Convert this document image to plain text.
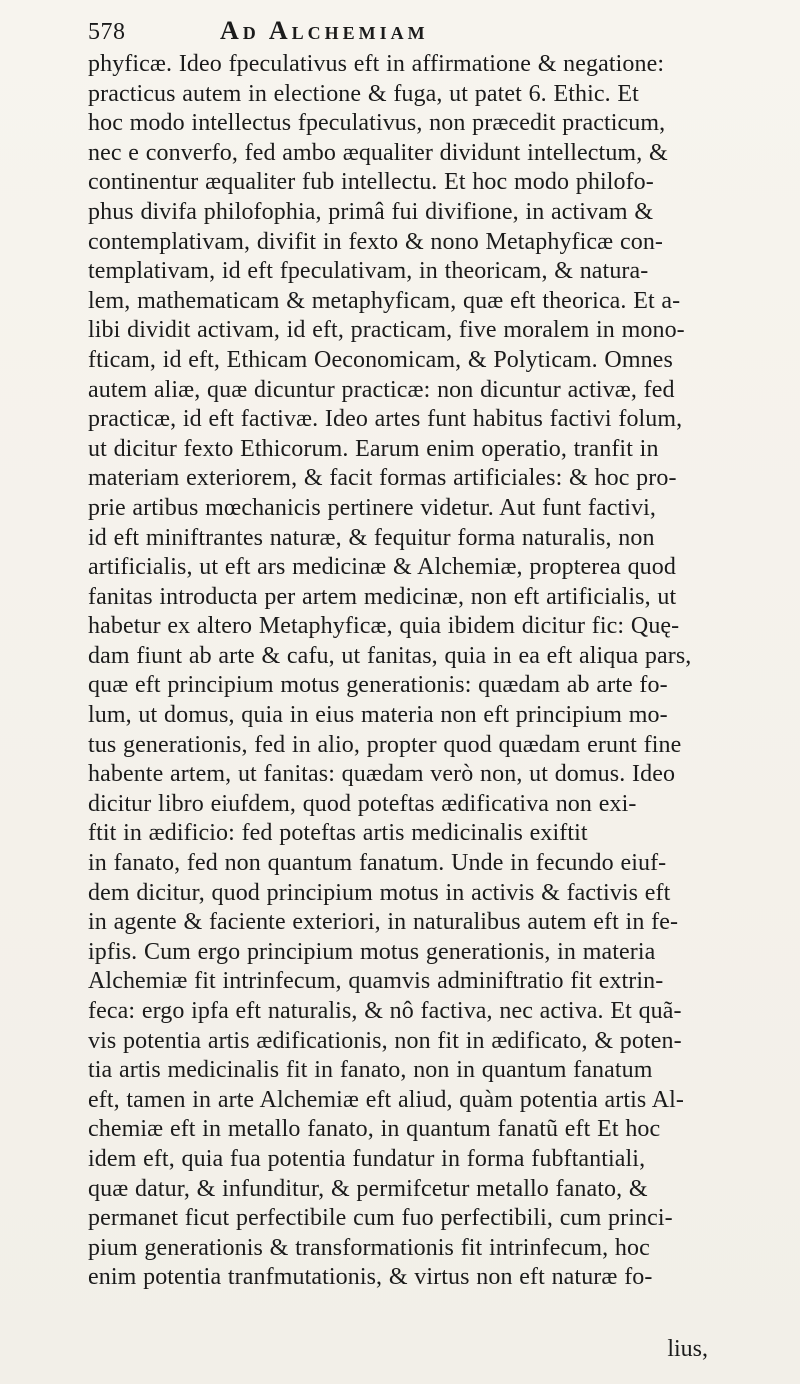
578	Ad Alchemiam
phyficæ. Ideo fpeculativus eft in affirmatione & negatione:
practicus autem in electione & fuga, ut patet 6. Ethic. Et
hoc modo intellectus fpeculativus, non præcedit practicum,
nec e converfo, fed ambo æqualiter dividunt intellectum, &
continentur æqualiter fub intellectu. Et hoc modo philofo-
phus divifa philofophia, primâ fui divifione, in activam &
contemplativam, divifit in fexto & nono Metaphyficæ con-
templativam, id eft fpeculativam, in theoricam, & natura-
lem, mathematicam & metaphyficam, quæ eft theorica. Et a-
libi dividit activam, id eft, practicam, five moralem in mono-
fticam, id eft, Ethicam Oeconomicam, & Polyticam. Omnes
autem aliæ, quæ dicuntur practicæ: non dicuntur activæ, fed
practicæ, id eft factivæ. Ideo artes funt habitus factivi folum,
ut dicitur fexto Ethicorum. Earum enim operatio, tranfit in
materiam exteriorem, & facit formas artificiales: & hoc pro-
prie artibus mœchanicis pertinere videtur. Aut funt factivi,
id eft miniftrantes naturæ, & fequitur forma naturalis, non
artificialis, ut eft ars medicinæ & Alchemiæ, propterea quod
fanitas introducta per artem medicinæ, non eft artificialis, ut
habetur ex altero Metaphyficæ, quia ibidem dicitur fic: Quę-
dam fiunt ab arte & cafu, ut fanitas, quia in ea eft aliqua pars,
quæ eft principium motus generationis: quædam ab arte fo-
lum, ut domus, quia in eius materia non eft principium mo-
tus generationis, fed in alio, propter quod quædam erunt fine
habente artem, ut fanitas: quædam verò non, ut domus. Ideo
dicitur libro eiufdem, quod poteftas ædificativa non exi-
ftit in ædificio: fed poteftas artis medicinalis exiftit
in fanato, fed non quantum fanatum. Unde in fecundo eiuf-
dem dicitur, quod principium motus in activis & factivis eft
in agente & faciente exteriori, in naturalibus autem eft in fe-
ipfis. Cum ergo principium motus generationis, in materia
Alchemiæ fit intrinfecum, quamvis adminiftratio fit extrin-
feca: ergo ipfa eft naturalis, & nô factiva, nec activa. Et quã-
vis potentia artis ædificationis, non fit in ædificato, & poten-
tia artis medicinalis fit in fanato, non in quantum fanatum
eft, tamen in arte Alchemiæ eft aliud, quàm potentia artis Al-
chemiæ eft in metallo fanato, in quantum fanatũ eft Et hoc
idem eft, quia fua potentia fundatur in forma fubftantiali,
quæ datur, & infunditur, & permifcetur metallo fanato, &
permanet ficut perfectibile cum fuo perfectibili, cum princi-
pium generationis & transformationis fit intrinfecum, hoc
enim potentia tranfmutationis, & virtus non eft naturæ fo-
lius,
